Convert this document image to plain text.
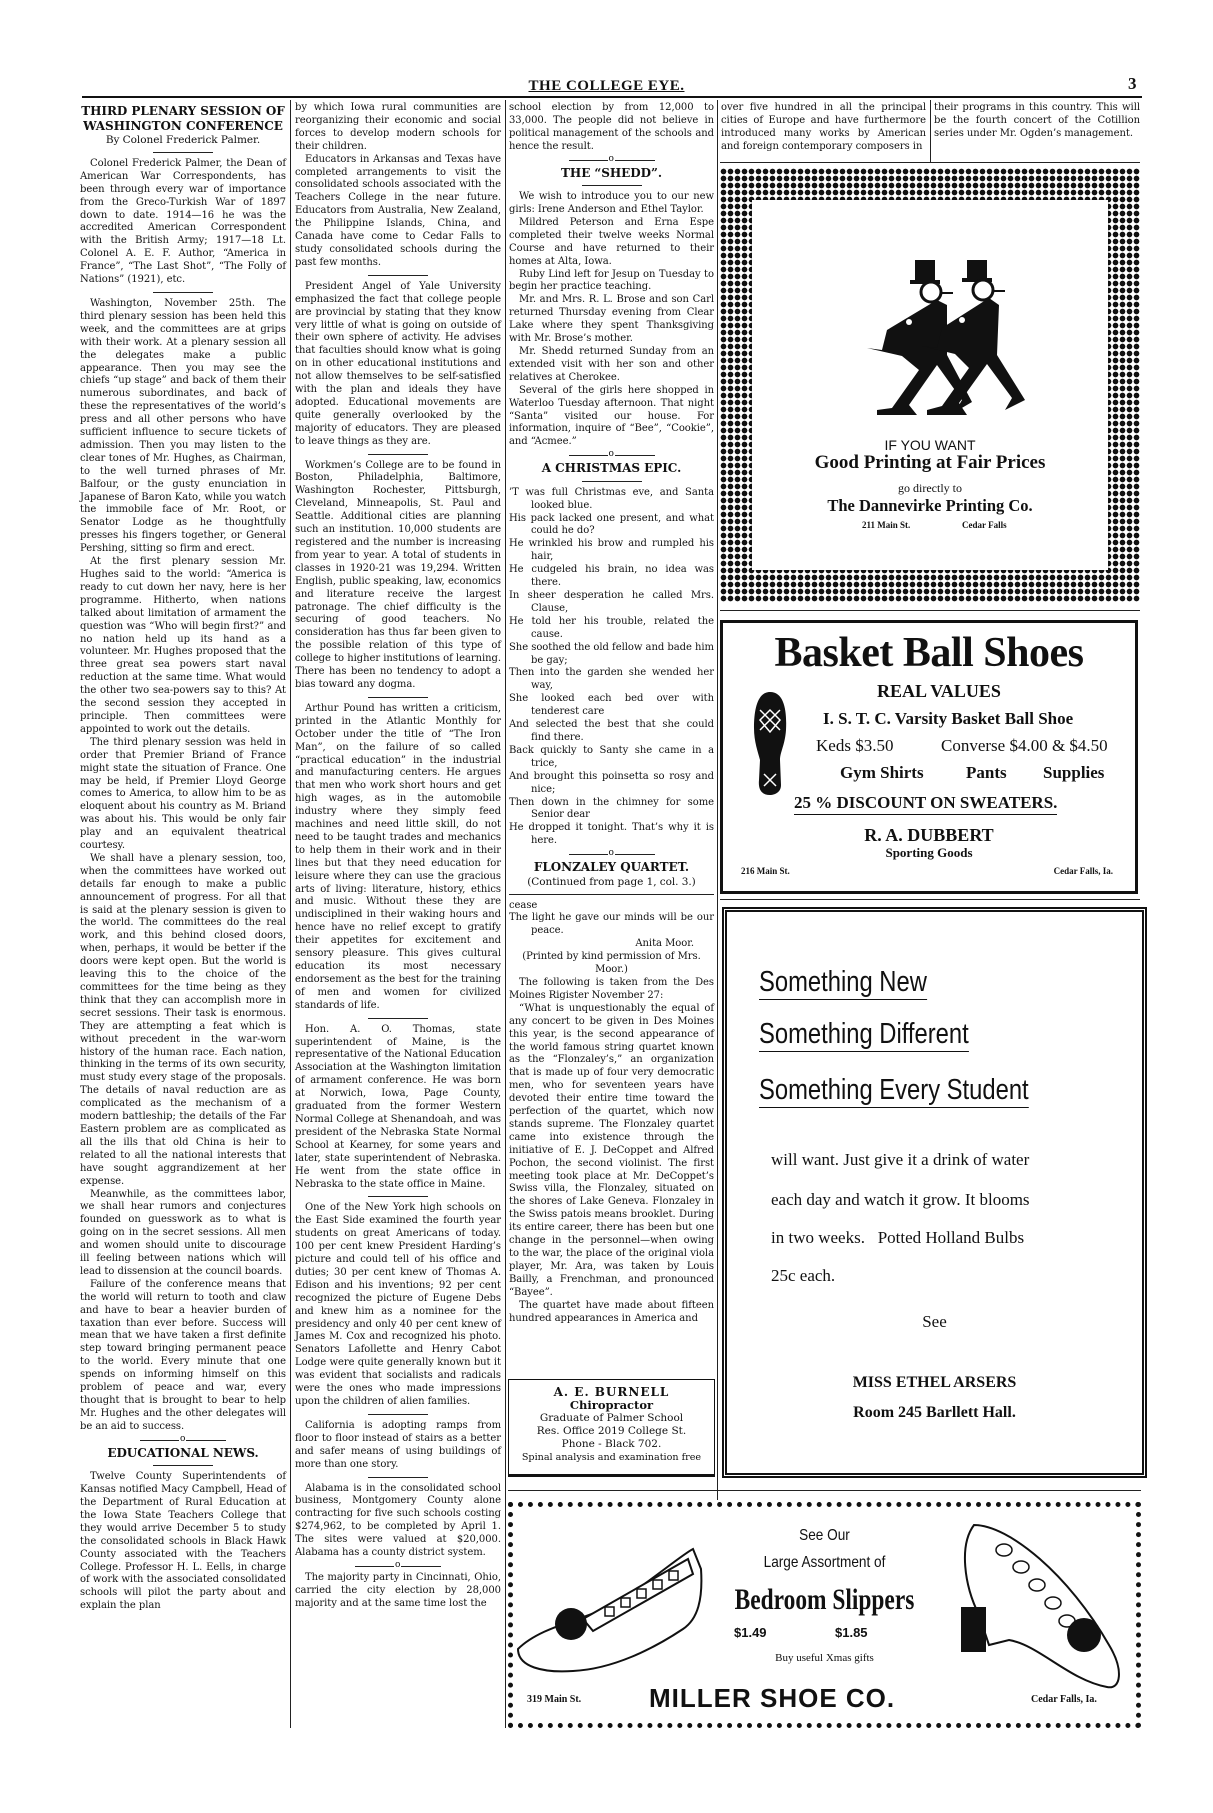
THE COLLEGE EYE.	3
THIRD PLENARY SESSION OF WASHINGTON CONFERENCE
By Colonel Frederick Palmer.

Colonel Frederick Palmer, the Dean of American War Correspondents, has been through every war of importance from the Greco-Turkish War of 1897 down to date. 1914—16 he was the accredited American Correspondent with the British Army; 1917—18 Lt. Colonel A. E. F. Author, “America in France”, “The Last Shot”, “The Folly of Nations” (1921), etc.

Washington, November 25th. The third plenary session has been held this week, and the committees are at grips with their work. At a plenary session all the delegates make a public appearance. Then you may see the chiefs “up stage” and back of them their numerous subordinates, and back of these the representatives of the world’s press and all other persons who have sufficient influence to secure tickets of admission. Then you may listen to the clear tones of Mr. Hughes, as Chairman, to the well turned phrases of Mr. Balfour, or the gusty enunciation in Japanese of Baron Kato, while you watch the immobile face of Mr. Root, or Senator Lodge as he thoughtfully presses his fingers together, or General Pershing, sitting so firm and erect.

At the first plenary session Mr. Hughes said to the world: “America is ready to cut down her navy, here is her programme. Hitherto, when nations talked about limitation of armament the question was “Who will begin first?” and no nation held up its hand as a volunteer. Mr. Hughes proposed that the three great sea powers start naval reduction at the same time. What would the other two sea-powers say to this? At the second session they accepted in principle. Then committees were appointed to work out the details.

The third plenary session was held in order that Premier Briand of France might state the situation of France. One may be held, if Premier Lloyd George comes to America, to allow him to be as eloquent about his country as M. Briand was about his. This would be only fair play and an equivalent theatrical courtesy.

We shall have a plenary session, too, when the committees have worked out details far enough to make a public announcement of progress. For all that is said at the plenary session is given to the world. The committees do the real work, and this behind closed doors, when, perhaps, it would be better if the doors were kept open. But the world is leaving this to the choice of the committees for the time being as they think that they can accomplish more in secret sessions. Their task is enormous. They are attempting a feat which is without precedent in the war-worn history of the human race. Each nation, thinking in the terms of its own security, must study every stage of the proposals. The details of naval reduction are as complicated as the mechanism of a modern battleship; the details of the Far Eastern problem are as complicated as all the ills that old China is heir to related to all the national interests that have sought aggrandizement at her expense.

Meanwhile, as the committees labor, we shall hear rumors and conjectures founded on guesswork as to what is going on in the secret sessions. All men and women should unite to discourage ill feeling between nations which will lead to dissension at the council boards.

Failure of the conference means that the world will return to tooth and claw and have to bear a heavier burden of taxation than ever before. Success will mean that we have taken a first definite step toward bringing permanent peace to the world. Every minute that one spends on informing himself on this problem of peace and war, every thought that is brought to bear to help Mr. Hughes and the other delegates will be an aid to success.

o
EDUCATIONAL NEWS.

Twelve County Superintendents of Kansas notified Macy Campbell, Head of the Department of Rural Education at the Iowa State Teachers College that they would arrive December 5 to study the consolidated schools in Black Hawk County associated with the Teachers College. Professor H. L. Eells, in charge of work with the associated consolidated schools will pilot the party about and explain the plan

by which Iowa rural communities are reorganizing their economic and social forces to develop modern schools for their children.

Educators in Arkansas and Texas have completed arrangements to visit the consolidated schools associated with the Teachers College in the near future. Educators from Australia, New Zealand, the Philippine Islands, China, and Canada have come to Cedar Falls to study consolidated schools during the past few months.

President Angel of Yale University emphasized the fact that college people are provincial by stating that they know very little of what is going on outside of their own sphere of activity. He advises that faculties should know what is going on in other educational institutions and not allow themselves to be self-satisfied with the plan and ideals they have adopted. Educational movements are quite generally overlooked by the majority of educators. They are pleased to leave things as they are.

Workmen’s College are to be found in Boston, Philadelphia, Baltimore, Washington Rochester, Pittsburgh, Cleveland, Minneapolis, St. Paul and Seattle. Additional cities are planning such an institution. 10,000 students are registered and the number is increasing from year to year. A total of students in classes in 1920-21 was 19,294. Written English, public speaking, law, economics and literature receive the largest patronage. The chief difficulty is the securing of good teachers. No consideration has thus far been given to the possible relation of this type of college to higher institutions of learning. There has been no tendency to adopt a bias toward any dogma.

Arthur Pound has written a criticism, printed in the Atlantic Monthly for October under the title of “The Iron Man”, on the failure of so called “practical education” in the industrial and manufacturing centers. He argues that men who work short hours and get high wages, as in the automobile industry where they simply feed machines and need little skill, do not need to be taught trades and mechanics to help them in their work and in their lines but that they need education for leisure where they can use the gracious arts of living: literature, history, ethics and music. Without these they are undisciplined in their waking hours and hence have no relief except to gratify their appetites for excitement and sensory pleasure. This gives cultural education its most necessary endorsement as the best for the training of men and women for civilized standards of life.

Hon. A. O. Thomas, state superintendent of Maine, is the representative of the National Education Association at the Washington limitation of armament conference. He was born at Norwich, Iowa, Page County, graduated from the former Western Normal College at Shenandoah, and was president of the Nebraska State Normal School at Kearney, for some years and later, state superintendent of Nebraska. He went from the state office in Nebraska to the state office in Maine.

One of the New York high schools on the East Side examined the fourth year students on great Americans of today. 100 per cent knew President Harding’s picture and could tell of his office and duties; 30 per cent knew of Thomas A. Edison and his inventions; 92 per cent recognized the picture of Eugene Debs and knew him as a nominee for the presidency and only 40 per cent knew of James M. Cox and recognized his photo. Senators Lafollette and Henry Cabot Lodge were quite generally known but it was evident that socialists and radicals were the ones who made impressions upon the children of alien families.

California is adopting ramps from floor to floor instead of stairs as a better and safer means of using buildings of more than one story.

Alabama is in the consolidated school business, Montgomery County alone contracting for five such schools costing $274,962, to be completed by April 1. The sites were valued at $20,000. Alabama has a county district system.

o

The majority party in Cincinnati, Ohio, carried the city election by 28,000 majority and at the same time lost the

school election by from 12,000 to 33,000. The people did not believe in political management of the schools and hence the result.

o
THE “SHEDD”.

We wish to introduce you to our new girls: Irene Anderson and Ethel Taylor.

Mildred Peterson and Erna Espe completed their twelve weeks Normal Course and have returned to their homes at Alta, Iowa.

Ruby Lind left for Jesup on Tuesday to begin her practice teaching.

Mr. and Mrs. R. L. Brose and son Carl returned Thursday evening from Clear Lake where they spent Thanksgiving with Mr. Brose’s mother.

Mr. Shedd returned Sunday from an extended visit with her son and other relatives at Cherokee.

Several of the girls here shopped in Waterloo Tuesday afternoon. That night “Santa” visited our house. For information, inquire of “Bee”, “Cookie”, and “Acmee.”

o
A CHRISTMAS EPIC.

’T was full Christmas eve, and Santa looked blue.

His pack lacked one present, and what could he do?

He wrinkled his brow and rumpled his hair,

He cudgeled his brain, no idea was there.

In sheer desperation he called Mrs. Clause,

He told her his trouble, related the cause.

She soothed the old fellow and bade him be gay;

Then into the garden she wended her way,

She looked each bed over with tenderest care

And selected the best that she could find there.

Back quickly to Santy she came in a trice,

And brought this poinsetta so rosy and nice;

Then down in the chimney for some Senior dear

He dropped it tonight. That’s why it is here.

o
FLONZALEY QUARTET.
(Continued from page 1, col. 3.)

cease

The light he gave our minds will be our peace.

Anita Moor.

(Printed by kind permission of Mrs. Moor.)

The following is taken from the Des Moines Rigister November 27:

“What is unquestionably the equal of any concert to be given in Des Moines this year, is the second appearance of the world famous string quartet known as the “Flonzaley’s,” an organization that is made up of four very democratic men, who for seventeen years have devoted their entire time toward the perfection of the quartet, which now stands supreme. The Flonzaley quartet came into existence through the initiative of E. J. DeCoppet and Alfred Pochon, the second violinist. The first meeting took place at Mr. DeCoppet’s Swiss villa, the Flonzaley, situated on the shores of Lake Geneva. Flonzaley in the Swiss patois means brooklet. During its entire career, there has been but one change in the personnel—when owing to the war, the place of the original viola player, Mr. Ara, was taken by Louis Bailly, a Frenchman, and pronounced “Bayee”.

The quartet have made about fifteen hundred appearances in America and

over five hundred in all the principal cities of Europe and have furthermore introduced many works by American and foreign contemporary composers in

their programs in this country. This will be the fourth concert of the Cotillion series under Mr. Ogden’s management.

A. E. BURNELL
Chiropractor
Graduate of Palmer School
Res. Office 2019 College St.
Phone - Black 702.
Spinal analysis and examination free
IF YOU WANT
Good Printing at Fair Prices
go directly to
The Dannevirke Printing Co.
211 Main St.	Cedar Falls
Basket Ball Shoes
REAL VALUES
I. S. T. C. Varsity Basket Ball Shoe
Keds $3.50	Converse $4.00 & $4.50
Gym Shirts Pants Supplies
25 % DISCOUNT ON SWEATERS.
R. A. DUBBERT
Sporting Goods
216 Main St.	Cedar Falls, Ia.
Something New
Something Different
Something Every Student
will want. Just give it a drink of water
each day and watch it grow. It blooms
in two weeks.   Potted Holland Bulbs
25c each.
See
MISS ETHEL ARSERS
Room 245 Barllett Hall.
See Our
Large Assortment of
Bedroom Slippers
$1.49	$1.85
Buy useful Xmas gifts
319 Main St.	MILLER SHOE CO.	Cedar Falls, Ia.
